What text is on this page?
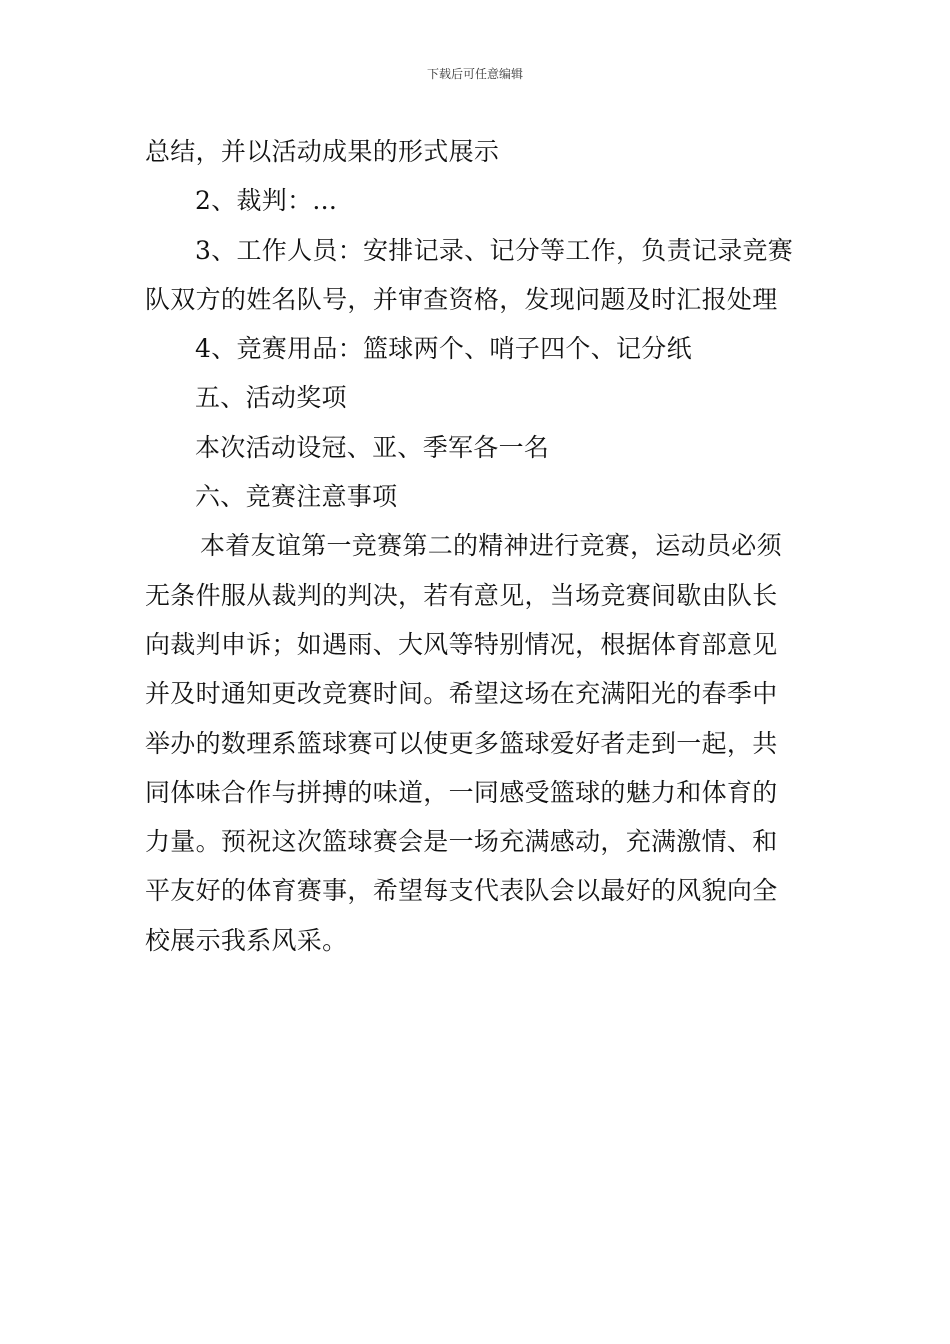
下载后可任意编辑
总结，并以活动成果的形式展示
2、裁判：...
3、工作人员：安排记录、记分等工作，负责记录竞赛
队双方的姓名队号，并审查资格，发现问题及时汇报处理
4、竞赛用品：篮球两个、哨子四个、记分纸
五、活动奖项
本次活动设冠、亚、季军各一名
六、竞赛注意事项
本着友谊第一竞赛第二的精神进行竞赛，运动员必须
无条件服从裁判的判决，若有意见，当场竞赛间歇由队长
向裁判申诉；如遇雨、大风等特别情况，根据体育部意见
并及时通知更改竞赛时间。希望这场在充满阳光的春季中
举办的数理系篮球赛可以使更多篮球爱好者走到一起，共
同体味合作与拼搏的味道，一同感受篮球的魅力和体育的
力量。预祝这次篮球赛会是一场充满感动，充满激情、和
平友好的体育赛事，希望每支代表队会以最好的风貌向全
校展示我系风采。
